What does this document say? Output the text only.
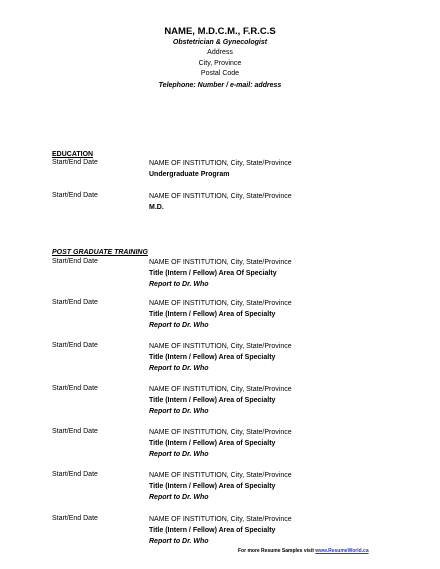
NAME, M.D.C.M., F.R.C.S
Obstetrician & Gynecologist
Address
City, Province
Postal Code
Telephone: Number / e-mail: address
EDUCATION
Start/End Date	NAME OF INSTITUTION, City, State/Province
Undergraduate Program
Start/End Date	NAME OF INSTITUTION, City, State/Province
M.D.
POST GRADUATE TRAINING
Start/End Date	NAME OF INSTITUTION, City, State/Province
Title (Intern / Fellow) Area Of Specialty
Report to Dr. Who
Start/End Date	NAME OF INSTITUTION, City, State/Province
Title (Intern / Fellow) Area of Specialty
Report to Dr. Who
Start/End Date	NAME OF INSTITUTION, City, State/Province
Title (Intern / Fellow) Area of Specialty
Report to Dr. Who
Start/End Date	NAME OF INSTITUTION, City, State/Province
Title (Intern / Fellow) Area of Specialty
Report to Dr. Who
Start/End Date	NAME OF INSTITUTION, City, State/Province
Title (Intern / Fellow) Area of Specialty
Report to Dr. Who
Start/End Date	NAME OF INSTITUTION, City, State/Province
Title (Intern / Fellow) Area of Specialty
Report to Dr. Who
Start/End Date	NAME OF INSTITUTION, City, State/Province
Title (Intern / Fellow) Area of Specialty
Report to Dr. Who
For more Resume Samples visit www.ResumeWorld.ca
